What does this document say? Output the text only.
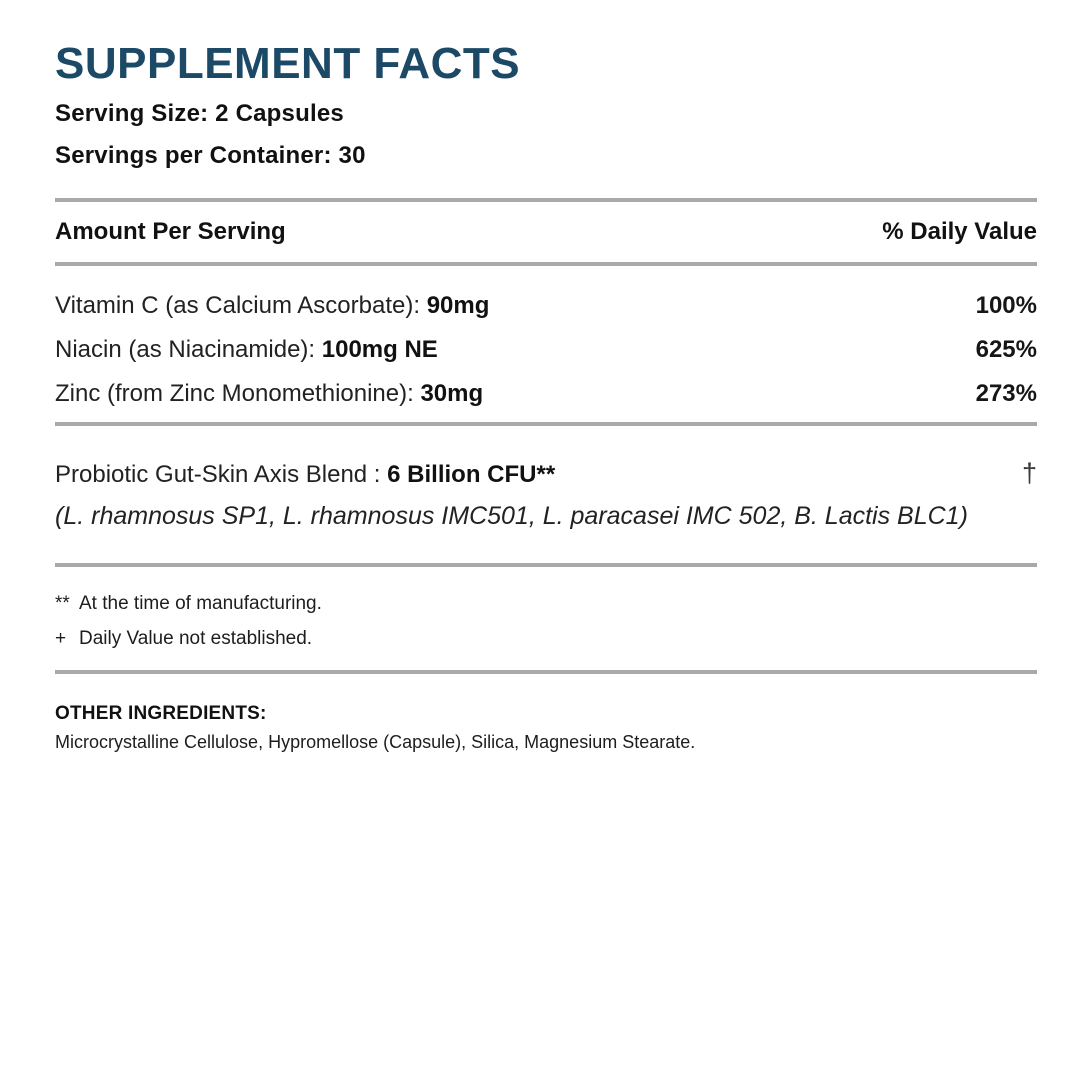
SUPPLEMENT FACTS
Serving Size: 2 Capsules
Servings per Container: 30
Amount Per Serving	% Daily Value
Vitamin C (as Calcium Ascorbate): 90mg	100%
Niacin (as Niacinamide): 100mg NE	625%
Zinc (from Zinc Monomethionine): 30mg	273%
Probiotic Gut-Skin Axis Blend : 6 Billion CFU**	†
(L. rhamnosus SP1, L. rhamnosus IMC501, L. paracasei IMC 502, B. Lactis BLC1)
** At the time of manufacturing.
+ Daily Value not established.
OTHER INGREDIENTS:
Microcrystalline Cellulose, Hypromellose (Capsule), Silica, Magnesium Stearate.
